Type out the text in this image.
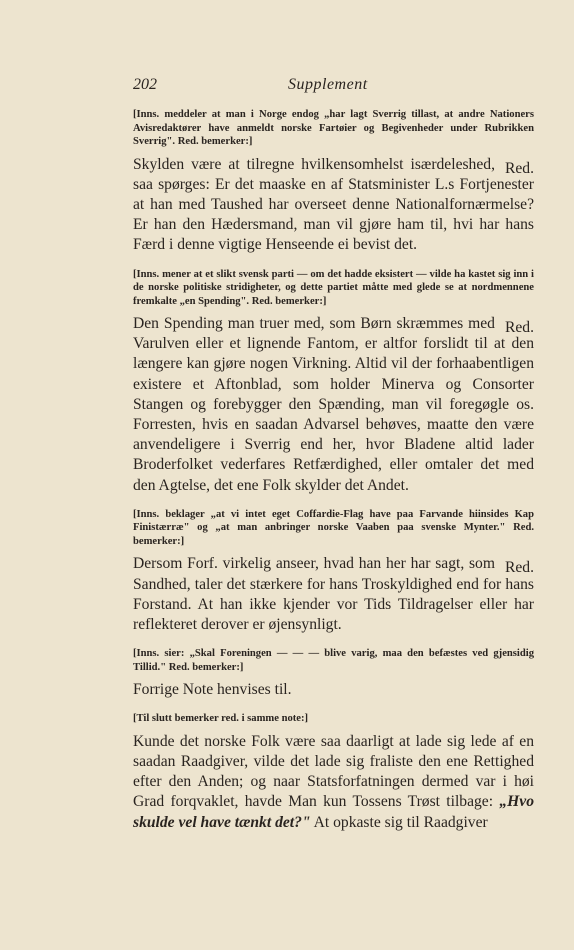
202	Supplement

[Inns. meddeler at man i Norge endog „har lagt Sverrig tillast, at andre Nationers Avisredaktører have anmeldt norske Fartøier og Begivenheder under Rubrikken Sverrig". Red. bemerker:]

Red.
Skylden være at tilregne hvilkensomhelst isærdeleshed, saa spørges: Er det maaske en af Statsminister L.s Fortjenester at han med Taushed har overseet denne Nationalfornærmelse? Er han den Hædersmand, man vil gjøre ham til, hvi har hans Færd i denne vigtige Henseende ei bevist det.

[Inns. mener at et slikt svensk parti — om det hadde eksistert — vilde ha kastet sig inn i de norske politiske stridigheter, og dette partiet måtte med glede se at nordmennene fremkalte „en Spending". Red. bemerker:]

Red.
Den Spending man truer med, som Børn skræmmes med Varulven eller et lignende Fantom, er altfor forslidt til at den længere kan gjøre nogen Virkning. Altid vil der forhaabentligen existere et Aftonblad, som holder Minerva og Consorter Stangen og forebygger den Spænding, man vil foregøgle os. Forresten, hvis en saadan Advarsel behøves, maatte den være anvendeligere i Sverrig end her, hvor Bladene altid lader Broderfolket vederfares Retfærdighed, eller omtaler det med den Agtelse, det ene Folk skylder det Andet.

[Inns. beklager „at vi intet eget Coffardie-Flag have paa Farvande hiinsides Kap Finistærræ" og „at man anbringer norske Vaaben paa svenske Mynter." Red. bemerker:]

Red.
Dersom Forf. virkelig anseer, hvad han her har sagt, som Sandhed, taler det stærkere for hans Troskyldighed end for hans Forstand. At han ikke kjender vor Tids Tildragelser eller har reflekteret derover er øjensynligt.

[Inns. sier: „Skal Foreningen — — — blive varig, maa den befæstes ved gjensidig Tillid." Red. bemerker:]

Forrige Note henvises til.

[Til slutt bemerker red. i samme note:]

Kunde det norske Folk være saa daarligt at lade sig lede af en saadan Raadgiver, vilde det lade sig fraliste den ene Rettighed efter den Anden; og naar Statsforfatningen dermed var i høi Grad forqvaklet, havde Man kun Tossens Trøst tilbage: „Hvo skulde vel have tænkt det?" At opkaste sig til Raadgiver
